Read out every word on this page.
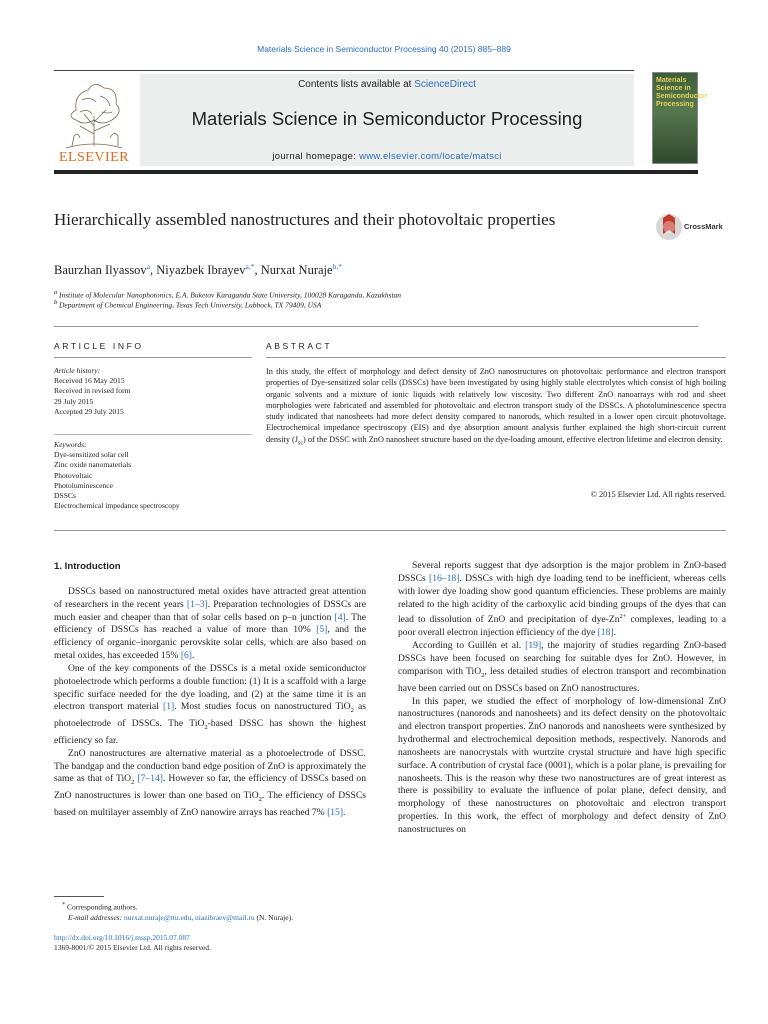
Materials Science in Semiconductor Processing 40 (2015) 885–889
ELSEVIER
Contents lists available at ScienceDirect
Materials Science in Semiconductor Processing
journal homepage: www.elsevier.com/locate/matsci
Materials Science in Semiconductor Processing
Hierarchically assembled nanostructures and their photovoltaic properties	CrossMark
Baurzhan Ilyassov$^a$, Niyazbek Ibrayev$^{a,*}$, Nurxat Nuraje$^{b,*}$
$^a$ Institute of Molecular Nanophotonics, E.A. Buketov Karaganda State University, 100028 Karaganda, Kazakhstan
$^b$ Department of Chemical Engineering, Texas Tech University, Lubbock, TX 79409, USA
ARTICLE INFO	ABSTRACT
Article history:
Received 16 May 2015
Received in revised form
29 July 2015
Accepted 29 July 2015
Keywords:
Dye-sensitized solar cell
Zinc oxide nanomaterials
Photovoltaic
Photoluminescence
DSSCs
Electrochemical impedance spectroscopy
In this study, the effect of morphology and defect density of ZnO nanostructures on photovoltaic performance and electron transport properties of Dye-sensitized solar cells (DSSCs) have been investigated by using highly stable electrolytes which consist of high boiling organic solvents and a mixture of ionic liquids with relatively low viscosity. Two different ZnO nanoarrays with rod and sheet morphologies were fabricated and assembled for photovoltaic and electron transport study of the DSSCs. A photoluminescence spectra study indicated that nanosheets had more defect density compared to nanorods, which resulted in a lower open circuit photovoltage. Electrochemical impedance spectroscopy (EIS) and dye absorption amount analysis further explained the high short-circuit current density $(J_{sc})$ of the DSSC with ZnO nanosheet structure based on the dye-loading amount, effective electron lifetime and electron density.
© 2015 Elsevier Ltd. All rights reserved.
1. Introduction

DSSCs based on nanostructured metal oxides have attracted great attention of researchers in the recent years [1–3]. Preparation technologies of DSSCs are much easier and cheaper than that of solar cells based on p–n junction [4]. The efficiency of DSSCs has reached a value of more than 10% [5], and the efficiency of organic–inorganic perovskite solar cells, which are also based on metal oxides, has exceeded 15% [6].

One of the key components of the DSSCs is a metal oxide semiconductor photoelectrode which performs a double function: (1) It is a scaffold with a large specific surface needed for the dye loading, and (2) at the same time it is an electron transport material [1]. Most studies focus on nanostructured TiO$_2$ as photoelectrode of DSSCs. The TiO$_2$-based DSSC has shown the highest efficiency so far.

ZnO nanostructures are alternative material as a photoelectrode of DSSC. The bandgap and the conduction band edge position of ZnO is approximately the same as that of TiO$_2$ [7–14]. However so far, the efficiency of DSSCs based on ZnO nanostructures is lower than one based on TiO$_2$. The efficiency of DSSCs based on multilayer assembly of ZnO nanowire arrays has reached 7% [15].

Several reports suggest that dye adsorption is the major problem in ZnO-based DSSCs [16–18]. DSSCs with high dye loading tend to be inefficient, whereas cells with lower dye loading show good quantum efficiencies. These problems are mainly related to the high acidity of the carboxylic acid binding groups of the dyes that can lead to dissolution of ZnO and precipitation of dye-$Zn^{2+}$ complexes, leading to a poor overall electron injection efficiency of the dye [18].

According to Guillén et al. [19], the majority of studies regarding ZnO-based DSSCs have been focused on searching for suitable dyes for ZnO. However, in comparison with TiO$_2$, less detailed studies of electron transport and recombination have been carried out on DSSCs based on ZnO nanostructures.

In this paper, we studied the effect of morphology of low-dimensional ZnO nanostructures (nanorods and nanosheets) and its defect density on the photovoltaic and electron transport properties. ZnO nanorods and nanosheets were synthesized by hydrothermal and electrochemical deposition methods, respectively. Nanorods and nanosheets are nanocrystals with wurtzite crystal structure and have high specific surface. A contribution of crystal face (0001), which is a polar plane, is prevailing for nanosheets. This is the reason why these two nanostructures are of great interest as there is possibility to evaluate the influence of polar plane, defect density, and morphology of these nanostructures on photovoltaic and electron transport properties. In this work, the effect of morphology and defect density of ZnO nanostructures on

* Corresponding authors.
E-mail addresses: nurxat.nuraje@ttu.edu, niazibraev@mail.ru (N. Nuraje).
http://dx.doi.org/10.1016/j.mssp.2015.07.087
1369-8001/© 2015 Elsevier Ltd. All rights reserved.
